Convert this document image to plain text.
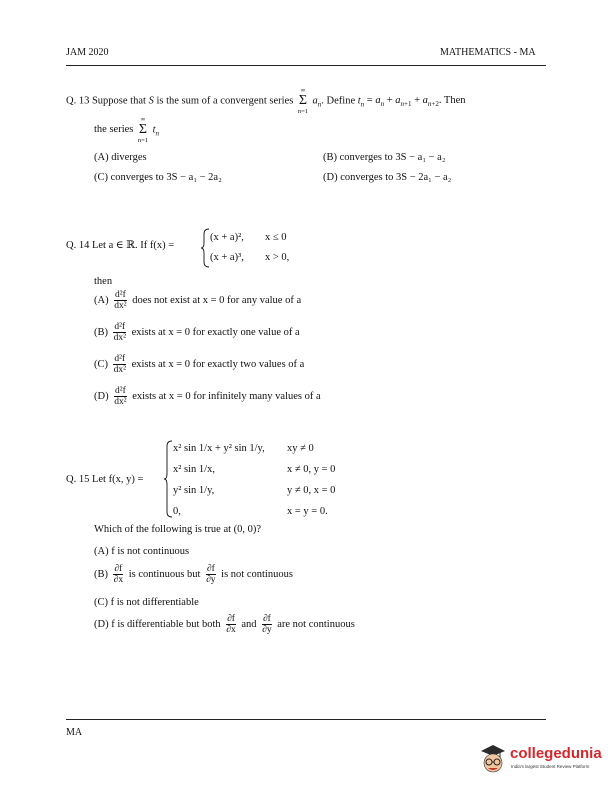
JAM 2020	MATHEMATICS - MA
Q. 13 Suppose that S is the sum of a convergent series
∞
Σ
n=1
$a_n$. Define $t_n = a_n + a_{n+1} + a_{n+2}$. Then
the series
∞
Σ
n=1
$t_n$
(A) diverges	(B) converges to 3S − a₁ − a₂
(C) converges to 3S − a₁ − 2a₂	(D) converges to 3S − 2a₁ − a₂
Q. 14 Let a ∈ ℝ. If f(x) =
(x + a)², x ≤ 0
(x + a)³, x > 0,
then
$(A) \frac{\text{d²f}}{\text{dx²}}$ does not exist at x = 0 for any value of a
$(B) \frac{\text{d²f}}{\text{dx²}}$ exists at x = 0 for exactly one value of a
$(C) \frac{\text{d²f}}{\text{dx²}}$ exists at x = 0 for exactly two values of a
$(D) \frac{\text{d²f}}{\text{dx²}}$ exists at x = 0 for infinitely many values of a
Q. 15 Let f(x, y) =
x² sin 1/x + y² sin 1/y, xy ≠ 0
x² sin 1/x,	x ≠ 0, y = 0
y² sin 1/y,	y ≠ 0, x = 0
0,	x = y = 0.
Which of the following is true at (0, 0)?
(A) f is not continuous
$(B) \frac{\partial f}{\partial x}$ is continuous but $\frac{\partial f}{\partial y}$ is not continuous
(C) f is not differentiable
(D) f is differentiable but both $\frac{\partial f}{\partial x}$ and $\frac{\partial f}{\partial y}$ are not continuous
MA
collegedunia
India's largest Student Review Platform
